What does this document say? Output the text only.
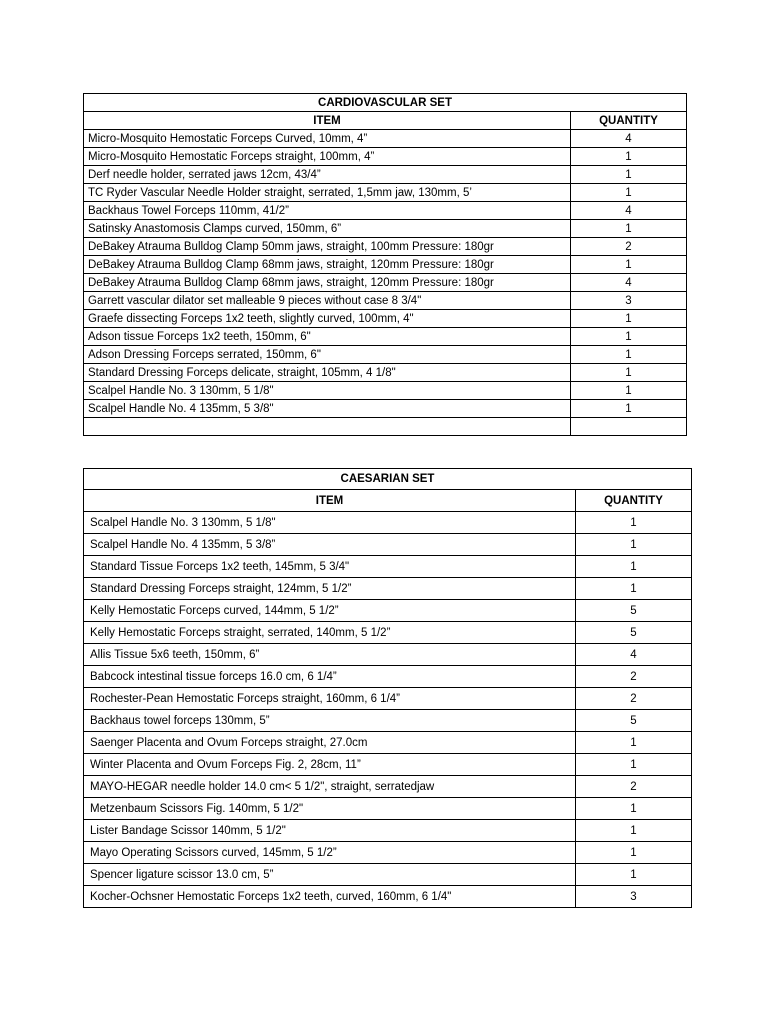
CARDIOVASCULAR SET	
ITEM	QUANTITY
Micro-Mosquito Hemostatic Forceps Curved, 10mm, 4”	4
Micro-Mosquito Hemostatic Forceps straight, 100mm, 4”	1
Derf needle holder, serrated jaws 12cm, 43/4”	1
TC Ryder Vascular Needle Holder straight, serrated, 1,5mm jaw, 130mm, 5’	1
Backhaus Towel Forceps 110mm, 41/2”	4
Satinsky Anastomosis Clamps curved, 150mm, 6”	1
DeBakey Atrauma Bulldog Clamp 50mm jaws, straight, 100mm Pressure: 180gr	2
DeBakey Atrauma Bulldog Clamp 68mm jaws, straight, 120mm Pressure: 180gr	1
DeBakey Atrauma Bulldog Clamp 68mm jaws, straight, 120mm Pressure: 180gr	4
Garrett vascular dilator set malleable 9 pieces without case 8 3/4"	3
Graefe dissecting Forceps 1x2 teeth, slightly curved, 100mm, 4"	1
Adson tissue Forceps 1x2 teeth, 150mm, 6"	1
Adson Dressing Forceps serrated, 150mm, 6"	1
Standard Dressing Forceps delicate, straight, 105mm, 4 1/8"	1
Scalpel Handle No. 3 130mm, 5 1/8"	1
Scalpel Handle No. 4 135mm, 5 3/8"	1

CAESARIAN SET	
ITEM	QUANTITY
Scalpel Handle No. 3 130mm, 5 1/8"	1
Scalpel Handle No. 4 135mm, 5 3/8”	1
Standard Tissue Forceps 1x2 teeth, 145mm, 5 3/4"	1
Standard Dressing Forceps straight, 124mm, 5 1/2”	1
Kelly Hemostatic Forceps curved, 144mm, 5 1/2”	5
Kelly Hemostatic Forceps straight, serrated, 140mm, 5 1/2”	5
Allis Tissue 5x6 teeth, 150mm, 6”	4
Babcock intestinal tissue forceps 16.0 cm, 6 1/4”	2
Rochester-Pean Hemostatic Forceps straight, 160mm, 6 1/4”	2
Backhaus towel forceps 130mm, 5”	5
Saenger Placenta and Ovum Forceps straight, 27.0cm	1
Winter Placenta and Ovum Forceps Fig. 2, 28cm, 11”	1
MAYO-HEGAR needle holder 14.0 cm< 5 1/2", straight, serratedjaw	2
Metzenbaum Scissors Fig. 140mm, 5 1/2"	1
Lister Bandage Scissor 140mm, 5 1/2"	1
Mayo Operating Scissors curved, 145mm, 5 1/2”	1
Spencer ligature scissor 13.0 cm, 5”	1
Kocher-Ochsner Hemostatic Forceps 1x2 teeth, curved, 160mm, 6 1/4"	3
